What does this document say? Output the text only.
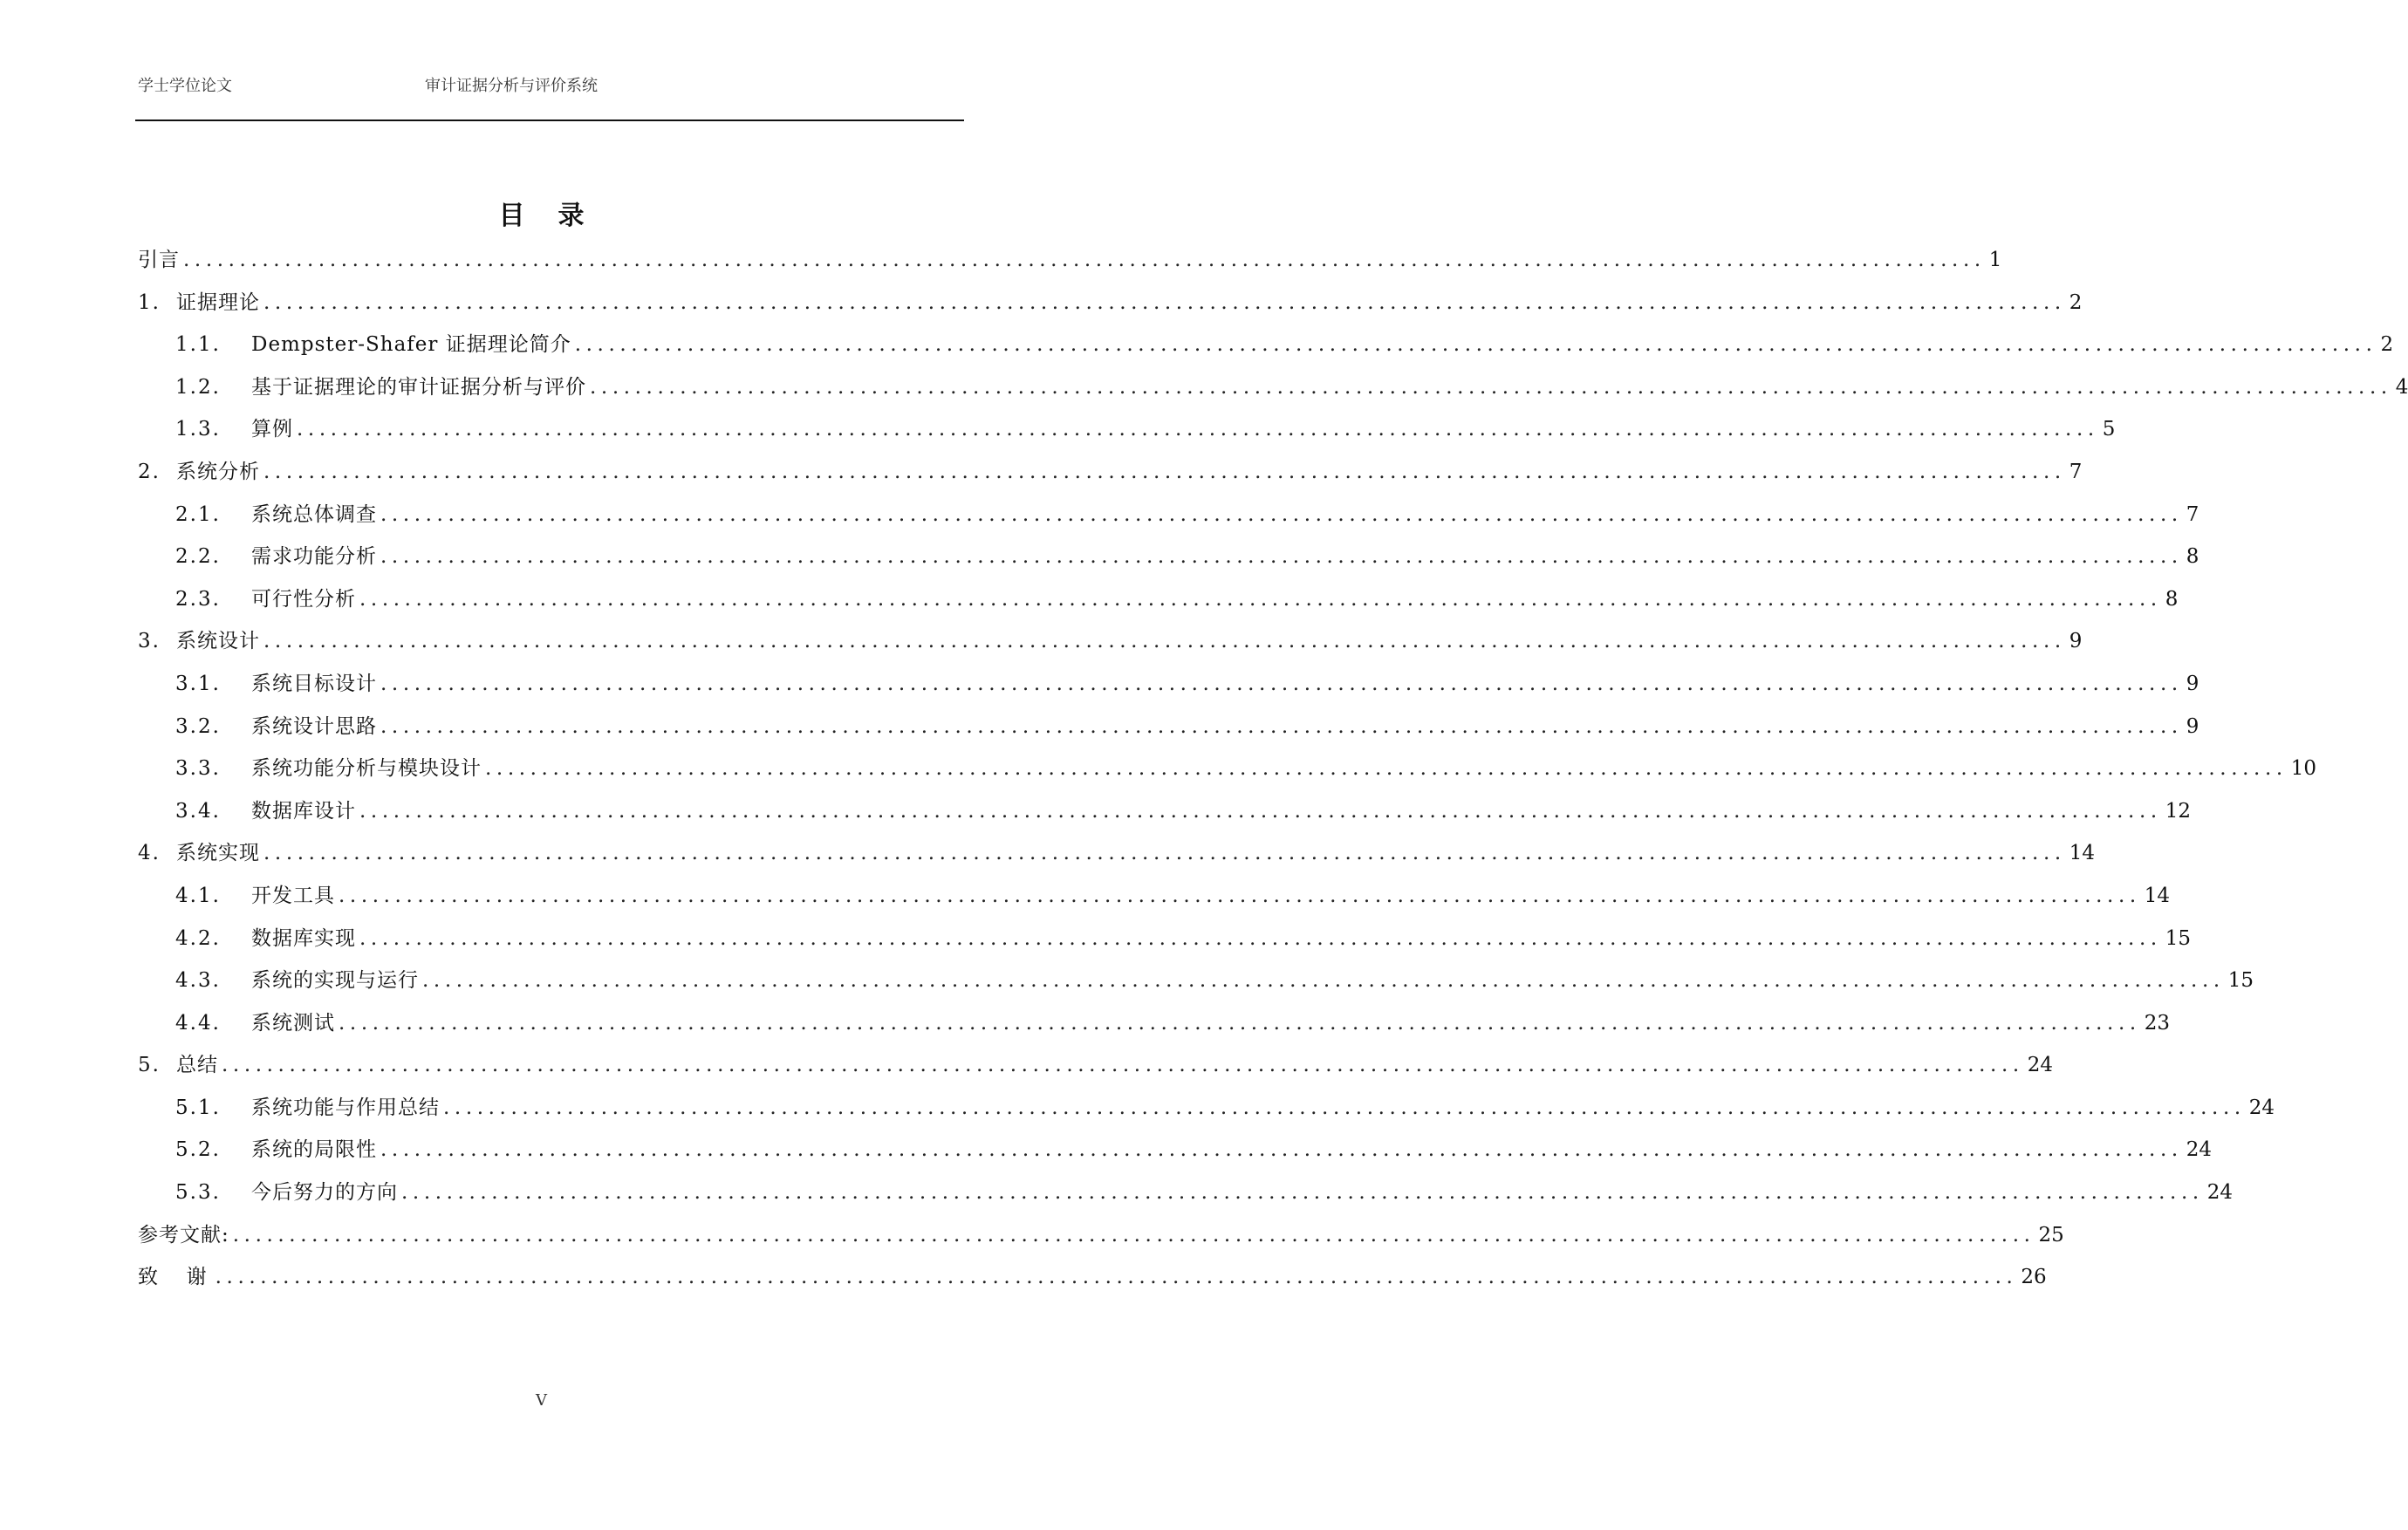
学士学位论文	审计证据分析与评价系统
目录
引言 ................................................................................................................................................................ 1
1. 证据理论 ................................................................................................................................................................ 2
1.1.	Dempster-Shafer 证据理论简介 ................................................................................................................................................................ 2
1.2.	基于证据理论的审计证据分析与评价 ................................................................................................................................................................ 4
1.3.	算例 ................................................................................................................................................................ 5
2. 系统分析 ................................................................................................................................................................ 7
2.1.	系统总体调查 ................................................................................................................................................................ 7
2.2.	需求功能分析 ................................................................................................................................................................ 8
2.3.	可行性分析 ................................................................................................................................................................ 8
3. 系统设计 ................................................................................................................................................................ 9
3.1.	系统目标设计 ................................................................................................................................................................ 9
3.2.	系统设计思路 ................................................................................................................................................................ 9
3.3.	系统功能分析与模块设计 ................................................................................................................................................................ 10
3.4.	数据库设计 ................................................................................................................................................................ 12
4. 系统实现 ................................................................................................................................................................ 14
4.1.	开发工具 ................................................................................................................................................................ 14
4.2.	数据库实现 ................................................................................................................................................................ 15
4.3.	系统的实现与运行 ................................................................................................................................................................ 15
4.4.	系统测试 ................................................................................................................................................................ 23
5. 总结 ................................................................................................................................................................ 24
5.1.	系统功能与作用总结 ................................................................................................................................................................ 24
5.2.	系统的局限性 ................................................................................................................................................................ 24
5.3.	今后努力的方向 ................................................................................................................................................................ 24
参考文献: ................................................................................................................................................................ 25
致  谢 ................................................................................................................................................................ 26
V
